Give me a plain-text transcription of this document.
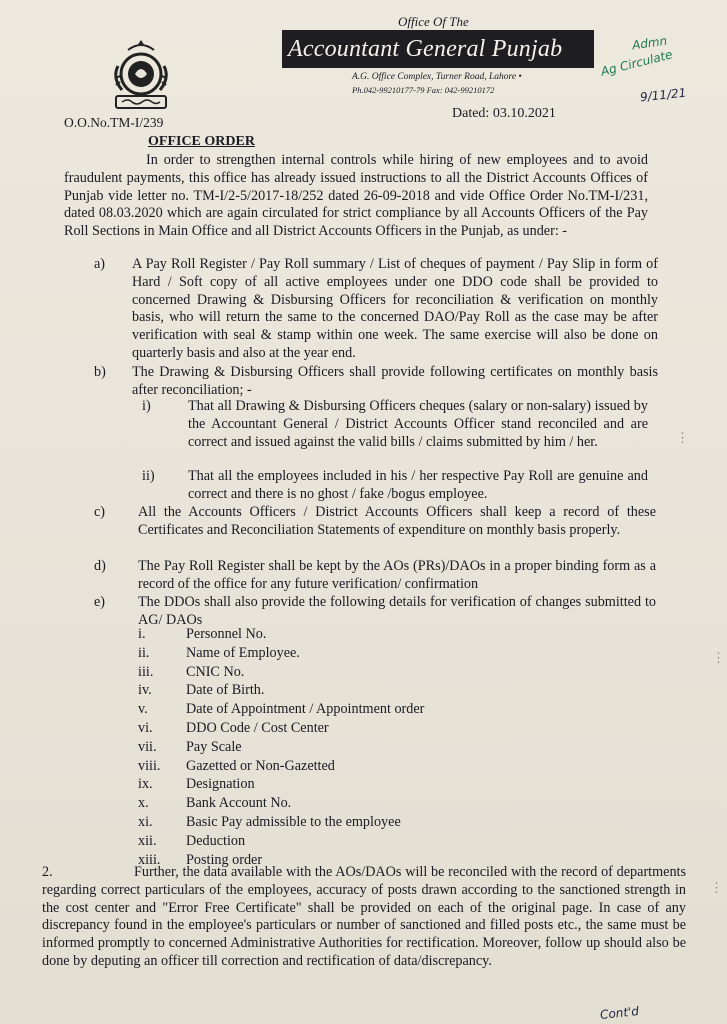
Office Of The
Accountant General Punjab
A.G. Office Complex, Turner Road, Lahore •
Ph.042-99210177-79 Fax: 042-99210172
O.O.No.TM-I/239
Dated: 03.10.2021
Admn
Ag Circulate
9/11/21
Cont'd
OFFICE ORDER

In order to strengthen internal controls while hiring of new employees and to avoid fraudulent payments, this office has already issued instructions to all the District Accounts Offices of Punjab vide letter no. TM-I/2-5/2017-18/252 dated 26-09-2018 and vide Office Order No.TM-I/231, dated 08.03.2020 which are again circulated for strict compliance by all Accounts Officers of the Pay Roll Sections in Main Office and all District Accounts Officers in the Punjab, as under: -

a) A Pay Roll Register / Pay Roll summary / List of cheques of payment / Pay Slip in form of Hard / Soft copy of all active employees under one DDO code shall be provided to concerned Drawing & Disbursing Officers for reconciliation & verification on monthly basis, who will return the same to the concerned DAO/Pay Roll as the case may be after verification with seal & stamp within one week. The same exercise will also be done on quarterly basis and also at the year end.

b) The Drawing & Disbursing Officers shall provide following certificates on monthly basis after reconciliation; -

i)	That all Drawing & Disbursing Officers cheques (salary or non-salary) issued by the Accountant General / District Accounts Officer stand reconciled and are correct and issued against the valid bills / claims submitted by him / her.

ii) That all the employees included in his / her respective Pay Roll are genuine and correct and there is no ghost / fake /bogus employee.

c) All the Accounts Officers / District Accounts Officers shall keep a record of these Certificates and Reconciliation Statements of expenditure on monthly basis properly.

d) The Pay Roll Register shall be kept by the AOs (PRs)/DAOs in a proper binding form as a record of the office for any future verification/ confirmation

e) The DDOs shall also provide the following details for verification of changes submitted to AG/ DAOs

i.	Personnel No.
ii.	Name of Employee.
iii. CNIC No.
iv. Date of Birth.
v.	Date of Appointment / Appointment order
vi. DDO Code / Cost Center
vii. Pay Scale
viii. Gazetted or Non-Gazetted
ix. Designation
x.	Bank Account No.
xi. Basic Pay admissible to the employee
xii. Deduction
xiii. Posting order

2.	Further, the data available with the AOs/DAOs will be reconciled with the record of departments regarding correct particulars of the employees, accuracy of posts drawn according to the sanctioned strength in the cost center and "Error Free Certificate" shall be provided on each of the original page. In case of any discrepancy found in the employee's particulars or number of sanctioned and filled posts etc., the same must be informed promptly to concerned Administrative Authorities for rectification. Moreover, follow up should also be done by deputing an officer till correction and rectification of data/discrepancy.

⋮
⋮
⋮
